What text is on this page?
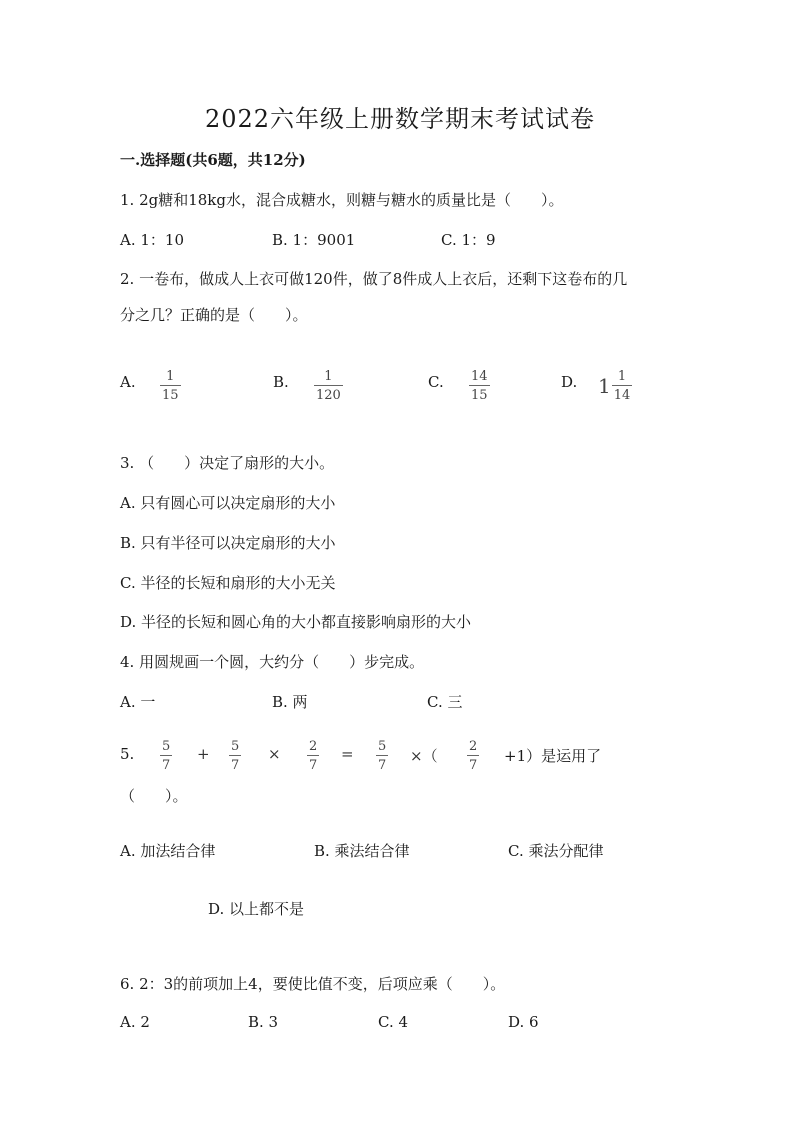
2022六年级上册数学期末考试试卷
一.选择题(共6题，共12分)
1. 2g糖和18kg水，混合成糖水，则糖与糖水的质量比是（　　）。
A. 1：10	B. 1：9001	C. 1：9
2. 一卷布，做成人上衣可做120件，做了8件成人上衣后，还剩下这卷布的几
分之几？正确的是（　　）。
A. 1
15
B.	1
120
C. 14
15
D. $1 \frac{1}{14}$
3. （　　）决定了扇形的大小。
A. 只有圆心可以决定扇形的大小
B. 只有半径可以决定扇形的大小
C. 半径的长短和扇形的大小无关
D. 半径的长短和圆心角的大小都直接影响扇形的大小
4. 用圆规画一个圆，大约分（　　）步完成。
A. 一	B. 两	C. 三
5. 5
7
+ 5
7
× 2
7
= 5
7
×（
2
7
+1）是运用了
（　　）。
A. 加法结合律	B. 乘法结合律	C. 乘法分配律
D. 以上都不是
6. 2：3的前项加上4，要使比值不变，后项应乘（　　）。
A. 2	B. 3	C. 4	D. 6
